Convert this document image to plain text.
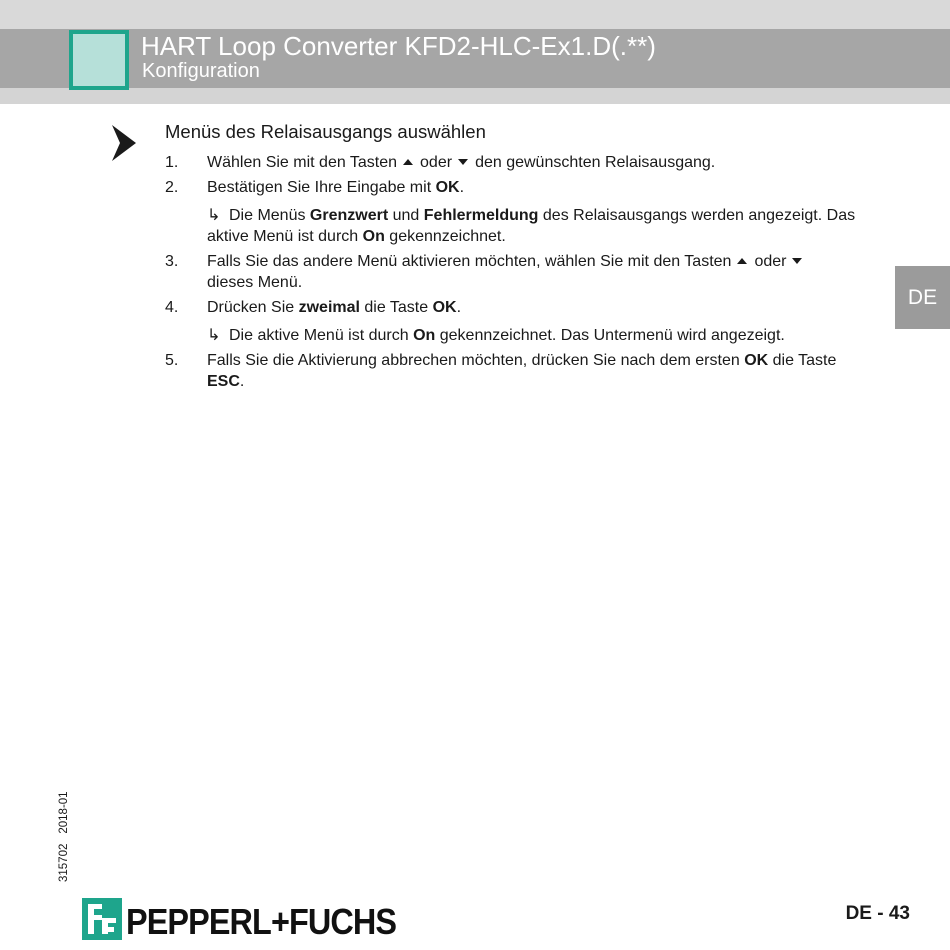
HART Loop Converter KFD2-HLC-Ex1.D(.**)
Konfiguration
Menüs des Relaisausgangs auswählen
1. Wählen Sie mit den Tasten oder den gewünschten Relaisausgang.
2. Bestätigen Sie Ihre Eingabe mit OK.
↳ Die Menüs Grenzwert und Fehlermeldung des Relaisausgangs werden angezeigt. Das aktive Menü ist durch On gekennzeichnet.
3. Falls Sie das andere Menü aktivieren möchten, wählen Sie mit den Tasten oder
dieses Menü.
4. Drücken Sie zweimal die Taste OK.
↳ Die aktive Menü ist durch On gekennzeichnet. Das Untermenü wird angezeigt.
5. Falls Sie die Aktivierung abbrechen möchten, drücken Sie nach dem ersten OK die Taste ESC.
DE
3157022018-01
PEPPERL+FUCHS	DE - 43
